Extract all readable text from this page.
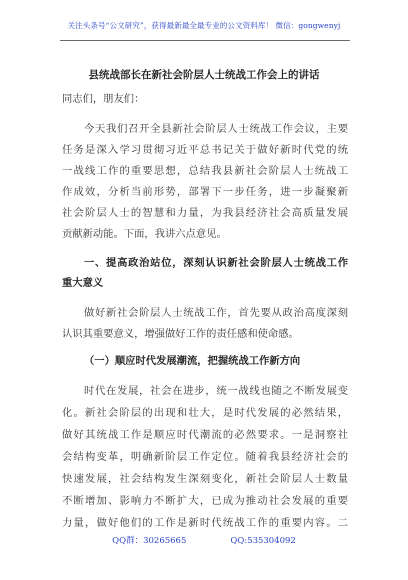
关注头条号“公文研究”，获得最新最全最专业的公文资料库！ 微信：gongwenyj
县统战部长在新社会阶层人士统战工作会上的讲话
同志们，朋友们：
今天我们召开全县新社会阶层人士统战工作会议，主要
任务是深入学习贯彻习近平总书记关于做好新时代党的统
一战线工作的重要思想，总结我县新社会阶层人士统战工
作成效，分析当前形势，部署下一步任务，进一步凝聚新
社会阶层人士的智慧和力量，为我县经济社会高质量发展
贡献新动能。下面，我讲六点意见。
一、提高政治站位，深刻认识新社会阶层人士统战工作
重大意义
做好新社会阶层人士统战工作，首先要从政治高度深刻
认识其重要意义，增强做好工作的责任感和使命感。
（一）顺应时代发展潮流，把握统战工作新方向
时代在发展，社会在进步，统一战线也随之不断发展变
化。新社会阶层的出现和壮大，是时代发展的必然结果，
做好其统战工作是顺应时代潮流的必然要求。一是洞察社
会结构变革，明确新阶层工作定位。随着我县经济社会的
快速发展，社会结构发生深刻变化，新社会阶层人士数量
不断增加、影响力不断扩大，已成为推动社会发展的重要
力量，做好他们的工作是新时代统战工作的重要内容。二
QQ群：30265665	QQ:535304092
